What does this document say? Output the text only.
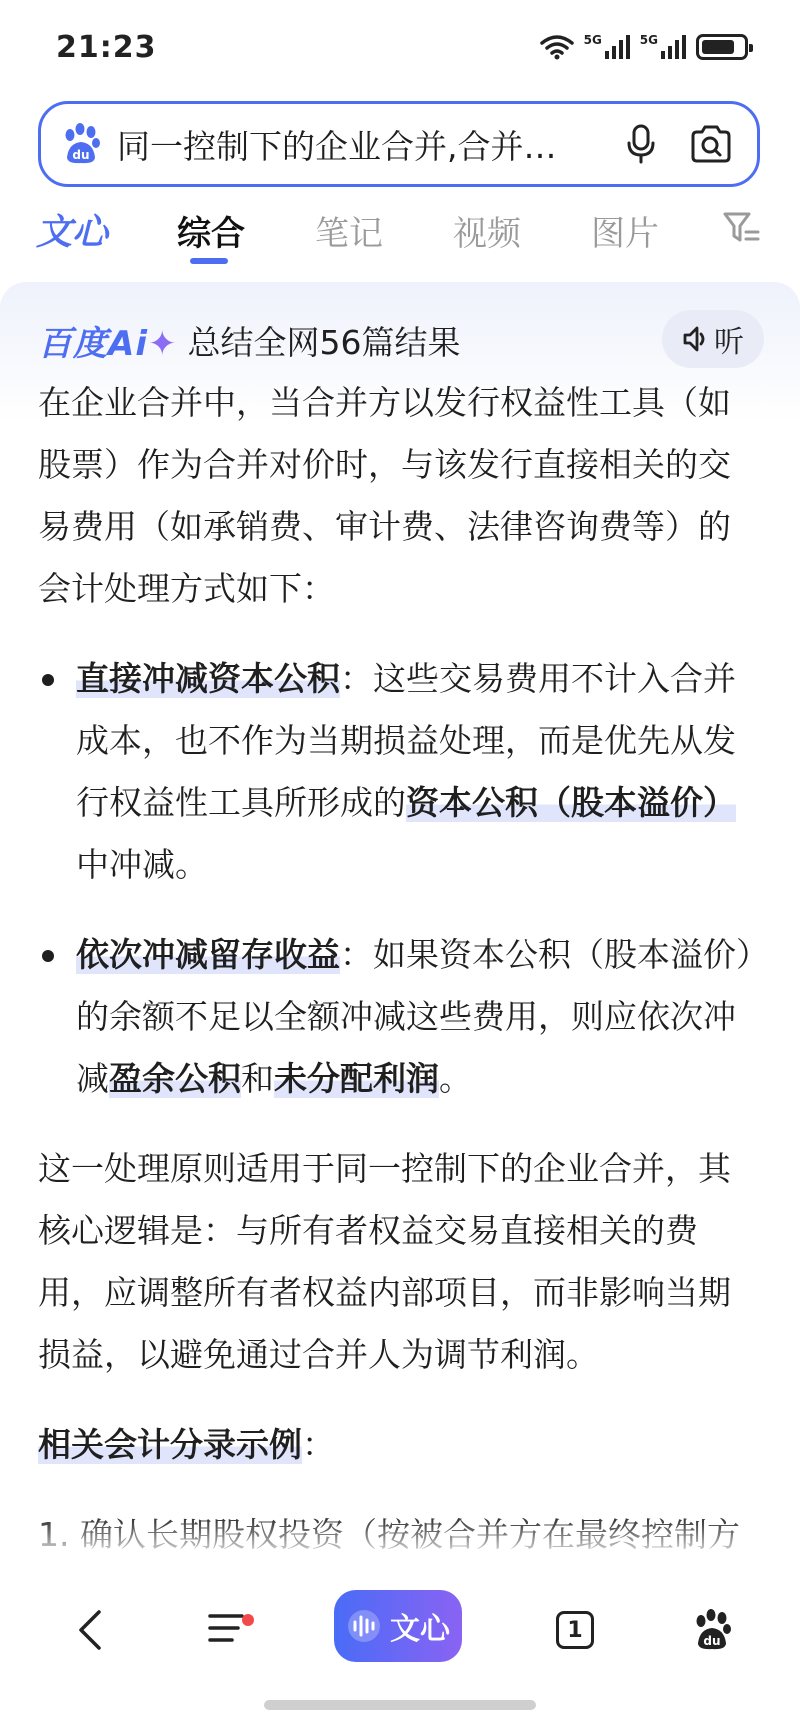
21:23	5G	5G
du 同一控制下的企业合并,合并…
文心 综合 笔记 视频 图片
百度Ai✦ 总结全网56篇结果	听

在企业合并中，当合并方以发行权益性工具（如股票）作为合并对价时，与该发行直接相关的交易费用（如承销费、审计费、法律咨询费等）的会计处理方式如下：

直接冲减资本公积：这些交易费用不计入合并成本，也不作为当期损益处理，而是优先从发行权益性工具所形成的资本公积（股本溢价）中冲减。
依次冲减留存收益：如果资本公积（股本溢价）的余额不足以全额冲减这些费用，则应依次冲减盈余公积和未分配利润。

这一处理原则适用于同一控制下的企业合并，其核心逻辑是：与所有者权益交易直接相关的费用，应调整所有者权益内部项目，而非影响当期损益，以避免通过合并人为调节利润。

相关会计分录示例：

1. 确认长期股权投资（按被合并方在最终控制方

文心	1	du
